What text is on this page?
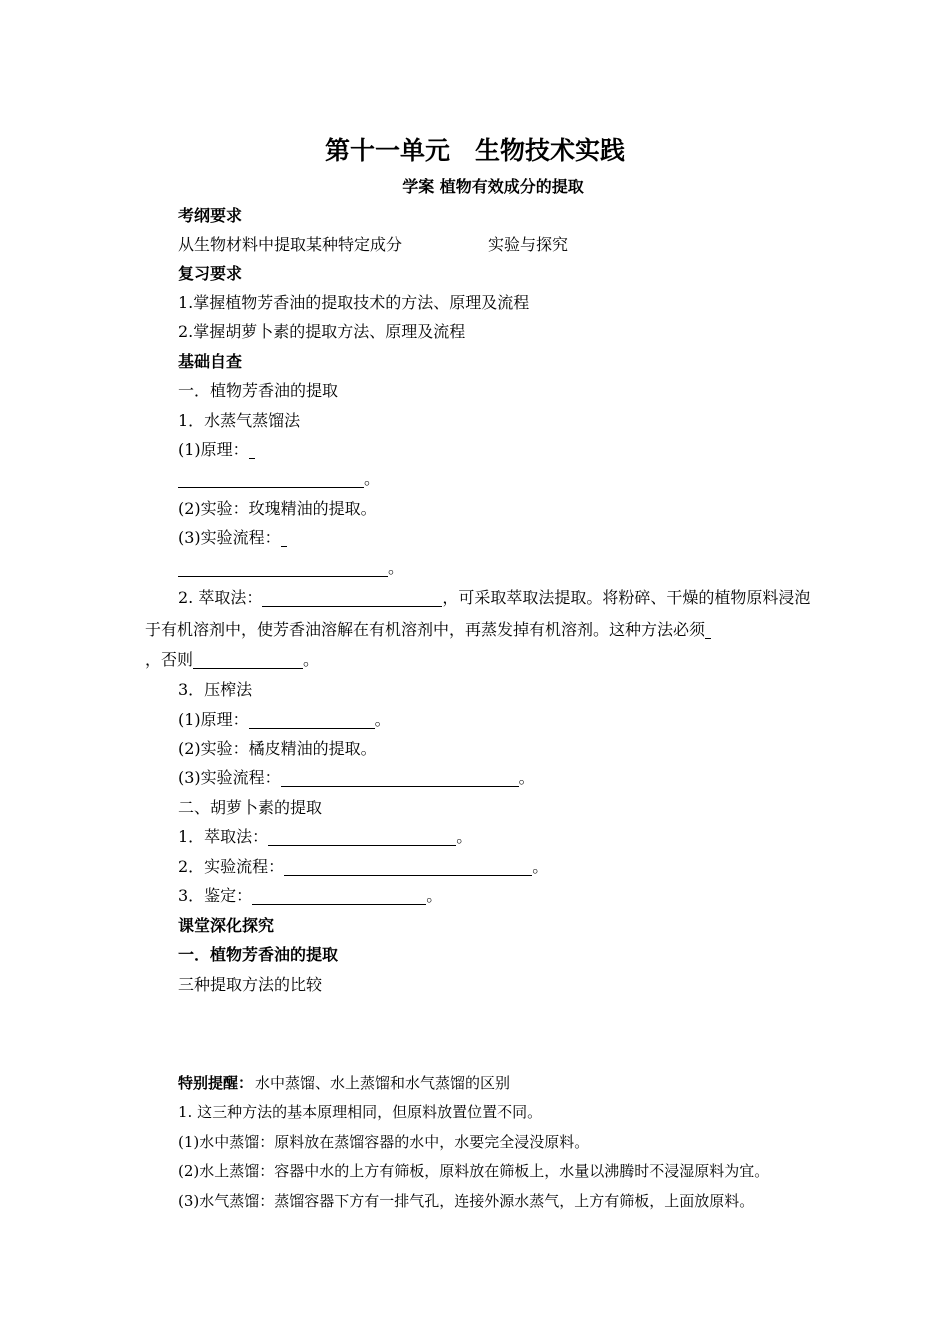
第十一单元　生物技术实践
学案 植物有效成分的提取
考纲要求
从生物材料中提取某种特定成分	实验与探究
复习要求
1.掌握植物芳香油的提取技术的方法、原理及流程
2.掌握胡萝卜素的提取方法、原理及流程
基础自查
一．植物芳香油的提取
1．水蒸气蒸馏法
(1)原理：
。
(2)实验：玫瑰精油的提取。
(3)实验流程：
。
2. 萃取法：	，可采取萃取法提取。将粉碎、干燥的植物原料浸泡
于有机溶剂中，使芳香油溶解在有机溶剂中，再蒸发掉有机溶剂。这种方法必须
，否则	。
3．压榨法
(1)原理：	。
(2)实验：橘皮精油的提取。
(3)实验流程：	。
二、胡萝卜素的提取
1．萃取法：	。
2．实验流程：	。
3．鉴定：	。
课堂深化探究
一．植物芳香油的提取
三种提取方法的比较
特别提醒： 水中蒸馏、水上蒸馏和水气蒸馏的区别
1. 这三种方法的基本原理相同，但原料放置位置不同。
(1)水中蒸馏：原料放在蒸馏容器的水中，水要完全浸没原料。
(2)水上蒸馏：容器中水的上方有筛板，原料放在筛板上，水量以沸腾时不浸湿原料为宜。
(3)水气蒸馏：蒸馏容器下方有一排气孔，连接外源水蒸气，上方有筛板，上面放原料。
